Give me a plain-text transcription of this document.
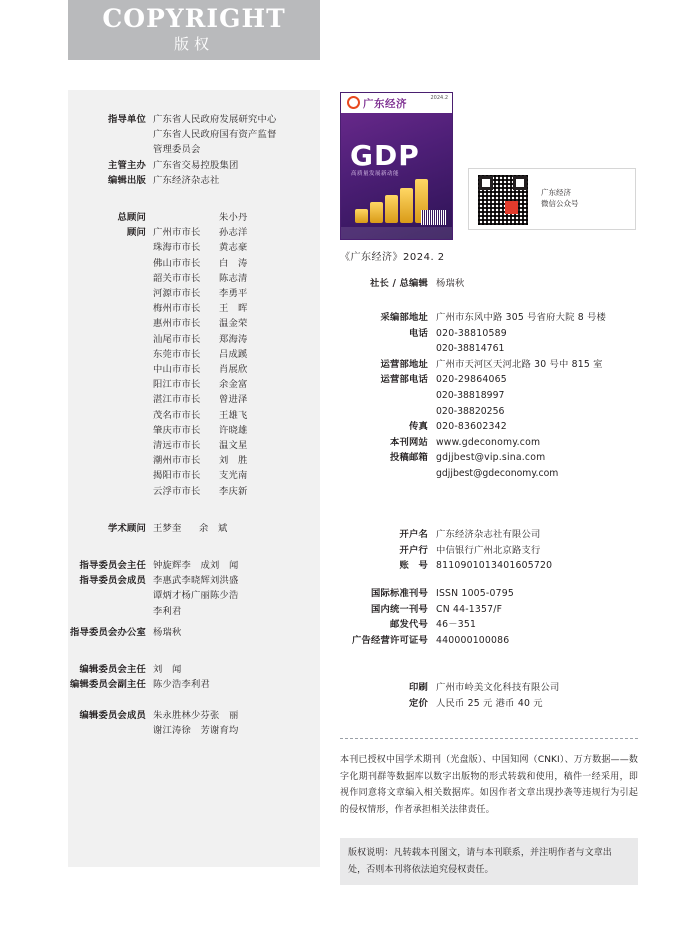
COPYRIGHT
版权
指导单位 广东省人民政府发展研究中心
广东省人民政府国有资产监督
管理委员会
主管主办 广东省交易控股集团
编辑出版 广东经济杂志社
总顾问	朱小丹
顾问 广州市市长 孙志洋
珠海市市长 黄志豪
佛山市市长 白　涛
韶关市市长 陈志清
河源市市长 李勇平
梅州市市长 王　晖
惠州市市长 温金荣
汕尾市市长 郑海涛
东莞市市长 吕成蹊
中山市市长 肖展欣
阳江市市长 余金富
湛江市市长 曾进泽
茂名市市长 王雄飞
肇庆市市长 许晓雄
清远市市长 温文星
潮州市市长 刘　胜
揭阳市市长 支光南
云浮市市长 李庆新
学术顾问 王梦奎 余　斌
指导委员会主任 钟旋辉李　成刘　闻
指导委员会成员 李惠武李晓辉刘洪盛
谭炳才杨广丽陈少浩
李利君
指导委员会办公室 杨瑞秋
编辑委员会主任 刘　闻
编辑委员会副主任 陈少浩李利君
编辑委员会成员 朱永胜林少芬张　丽
谢江涛徐　芳谢育均
广东经济	2024.2
GDP
高质量发展新动能
广东经济
微信公众号
《广东经济》2024. 2
社长 / 总编辑 杨瑞秋
采编部地址 广州市东风中路 305 号省府大院 8 号楼
电话 020-38810589
020-38814761
运营部地址 广州市天河区天河北路 30 号中 815 室
运营部电话 020-29864065
020-38818997
020-38820256
传真 020-83602342
本刊网站 www.gdeconomy.com
投稿邮箱 gdjjbest@vip.sina.com
gdjjbest@gdeconomy.com
开户名 广东经济杂志社有限公司
开户行 中信银行广州北京路支行
账　号 8110901013401605720
国际标准刊号 ISSN 1005-0795
国内统一刊号 CN 44-1357/F
邮发代号 46－351
广告经营许可证号 440000100086
印刷 广州市岭美文化科技有限公司
定价 人民币 25 元 港币 40 元
本刊已授权中国学术期刊（光盘版）、中国知网（CNKI）、万方数据——数字化期刊群等数据库以数字出版物的形式转载和使用，稿件一经采用，即视作同意将文章编入相关数据库。如因作者文章出现抄袭等违规行为引起的侵权情形，作者承担相关法律责任。
版权说明：凡转载本刊图文，请与本刊联系，并注明作者与文章出处，否则本刊将依法追究侵权责任。
